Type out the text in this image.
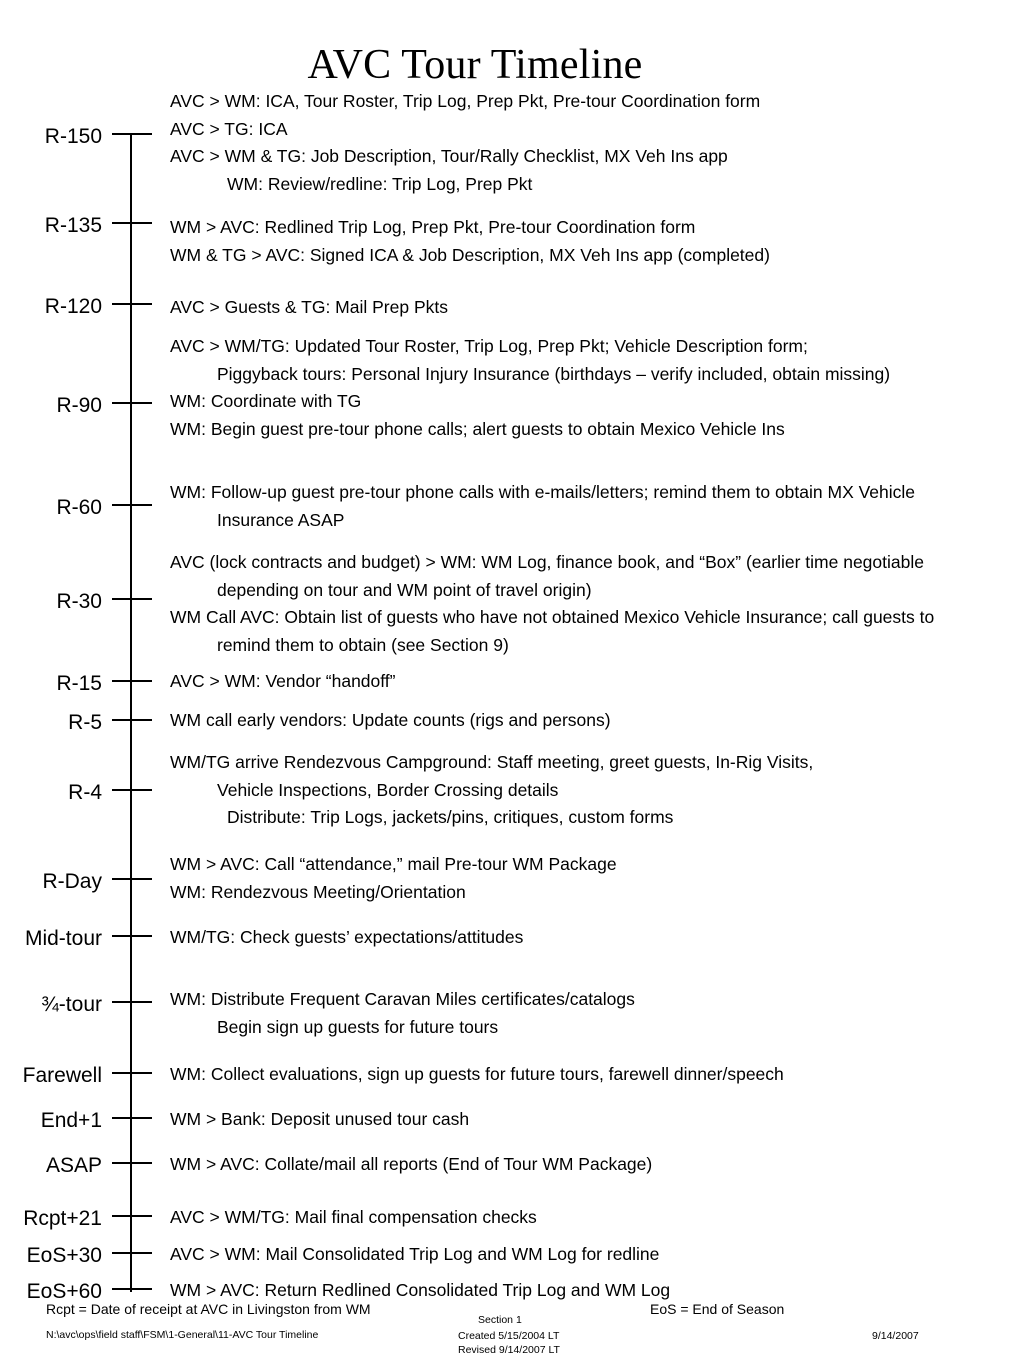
AVC Tour Timeline
R-150
AVC > WM: ICA, Tour Roster, Trip Log, Prep Pkt, Pre-tour Coordination form
AVC > TG: ICA
AVC > WM & TG: Job Description, Tour/Rally Checklist, MX Veh Ins app
WM: Review/redline: Trip Log, Prep Pkt
R-135	WM > AVC: Redlined Trip Log, Prep Pkt, Pre-tour Coordination form
WM & TG > AVC: Signed ICA & Job Description, MX Veh Ins app (completed)
R-120	AVC > Guests & TG: Mail Prep Pkts
R-90
AVC > WM/TG: Updated Tour Roster, Trip Log, Prep Pkt; Vehicle Description form;
Piggyback tours: Personal Injury Insurance (birthdays – verify included, obtain missing)
WM: Coordinate with TG
WM: Begin guest pre-tour phone calls; alert guests to obtain Mexico Vehicle Ins
R-60
WM: Follow-up guest pre-tour phone calls with e-mails/letters; remind them to obtain MX Vehicle
Insurance ASAP
R-30
AVC (lock contracts and budget) > WM: WM Log, finance book, and “Box” (earlier time negotiable
depending on tour and WM point of travel origin)
WM Call AVC: Obtain list of guests who have not obtained Mexico Vehicle Insurance; call guests to
remind them to obtain (see Section 9)
R-15	AVC > WM: Vendor “handoff”
R-5	WM call early vendors: Update counts (rigs and persons)
R-4
WM/TG arrive Rendezvous Campground: Staff meeting, greet guests, In-Rig Visits,
Vehicle Inspections, Border Crossing details
Distribute: Trip Logs, jackets/pins, critiques, custom forms
R-Day
WM > AVC: Call “attendance,” mail Pre-tour WM Package
WM: Rendezvous Meeting/Orientation
Mid-tour	WM/TG: Check guests’ expectations/attitudes
¾-tour	WM: Distribute Frequent Caravan Miles certificates/catalogs
Begin sign up guests for future tours
Farewell	WM: Collect evaluations, sign up guests for future tours, farewell dinner/speech
End+1	WM > Bank: Deposit unused tour cash
ASAP	WM > AVC: Collate/mail all reports (End of Tour WM Package)
Rcpt+21	AVC > WM/TG: Mail final compensation checks
EoS+30	AVC > WM: Mail Consolidated Trip Log and WM Log for redline
EoS+60	WM > AVC: Return Redlined Consolidated Trip Log and WM Log
Rcpt = Date of receipt at AVC in Livingston from WM	EoS = End of Season
N:\avc\ops\field staff\FSM\1-General\11-AVC Tour Timeline
Section 1
Created 5/15/2004 LT
Revised 9/14/2007 LT
9/14/2007
